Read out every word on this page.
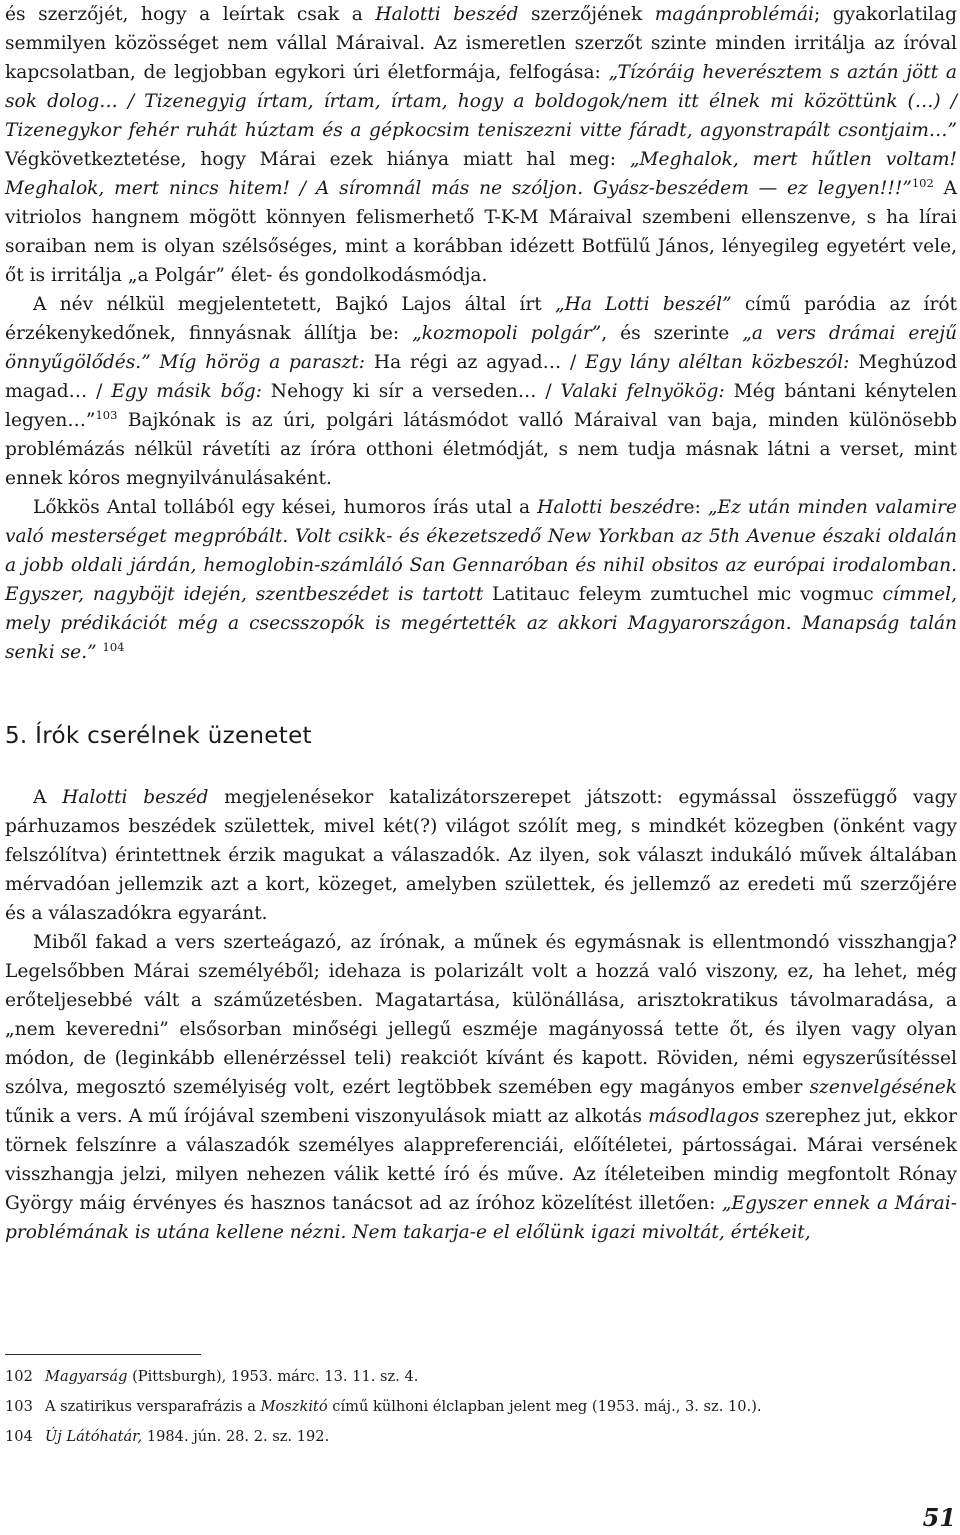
és szerzőjét, hogy a leírtak csak a Halotti beszéd szerzőjének magánproblémái; gyakorlatilag semmilyen közösséget nem vállal Máraival. Az ismeretlen szerzőt szinte minden irritálja az íróval kapcsolatban, de legjobban egykori úri életformája, felfogása: „Tízóráig heverésztem s aztán jött a sok dolog… / Tizenegyig írtam, írtam, írtam, hogy a boldogok/nem itt élnek mi közöttünk (…) / Tizenegykor fehér ruhát húztam és a gépkocsim teniszezni vitte fáradt, agyonstrapált csontjaim…” Végkövetkeztetése, hogy Márai ezek hiánya miatt hal meg: „Meghalok, mert hűtlen voltam! Meghalok, mert nincs hitem! / A síromnál más ne szóljon. Gyász-beszédem — ez legyen!!!”$^{102}$ A vitriolos hangnem mögött könnyen felismerhető T-K-M Máraival szembeni ellenszenve, s ha lírai soraiban nem is olyan szélsőséges, mint a korábban idézett Botfülű János, lényegileg egyetért vele, őt is irritálja „a Polgár” élet- és gondolkodásmódja.

A név nélkül megjelentetett, Bajkó Lajos által írt „Ha Lotti beszél” című paródia az írót érzékenykedőnek, finnyásnak állítja be: „kozmopoli polgár”, és szerinte „a vers drámai erejű önnyűgölődés.” Míg hörög a paraszt: Ha régi az agyad… / Egy lány aléltan közbeszól: Meghúzod magad… / Egy másik bőg: Nehogy ki sír a verseden… / Valaki felnyökög: Még bántani kénytelen legyen…”$^{103}$ Bajkónak is az úri, polgári látásmódot valló Máraival van baja, minden különösebb problémázás nélkül rávetíti az íróra otthoni életmódját, s nem tudja másnak látni a verset, mint ennek kóros megnyilvánulásaként.

Lőkkös Antal tollából egy kései, humoros írás utal a Halotti beszédre: „Ez után minden valamire való mesterséget megpróbált. Volt csikk- és ékezetszedő New Yorkban az 5th Avenue északi oldalán a jobb oldali járdán, hemoglobin-számláló San Gennaróban és nihil obsitos az európai irodalomban. Egyszer, nagyböjt idején, szentbeszédet is tartott Latitauc feleym zumtuchel mic vogmuc címmel, mely prédikációt még a csecsszopók is megértették az akkori Magyarországon. Manapság talán senki se.” $^{104}$

5. Írók cserélnek üzenetet

A Halotti beszéd megjelenésekor katalizátorszerepet játszott: egymással összefüggő vagy párhuzamos beszédek születtek, mivel két(?) világot szólít meg, s mindkét közegben (önként vagy felszólítva) érintettnek érzik magukat a válaszadók. Az ilyen, sok választ indukáló művek általában mérvadóan jellemzik azt a kort, közeget, amelyben születtek, és jellemző az eredeti mű szerzőjére és a válaszadókra egyaránt.

Miből fakad a vers szerteágazó, az írónak, a műnek és egymásnak is ellentmondó visszhangja? Legelsőbben Márai személyéből; idehaza is polarizált volt a hozzá való viszony, ez, ha lehet, még erőteljesebbé vált a száműzetésben. Magatartása, különállása, arisztokratikus távolmaradása, a „nem keveredni” elsősorban minőségi jellegű eszméje magányossá tette őt, és ilyen vagy olyan módon, de (leginkább ellenérzéssel teli) reakciót kívánt és kapott. Röviden, némi egyszerűsítéssel szólva, megosztó személyiség volt, ezért legtöbbek szemében egy magányos ember szenvelgésének tűnik a vers. A mű írójával szembeni viszonyulások miatt az alkotás másodlagos szerephez jut, ekkor törnek felszínre a válaszadók személyes alappreferenciái, előítéletei, pártosságai. Márai versének visszhangja jelzi, milyen nehezen válik ketté író és műve. Az ítéleteiben mindig megfontolt Rónay György máig érvényes és hasznos tanácsot ad az íróhoz közelítést illetően: „Egyszer ennek a Márai-problémának is utána kellene nézni. Nem takarja-e el előlünk igazi mivoltát, értékeit,

102 Magyarság (Pittsburgh), 1953. márc. 13. 11. sz. 4.

103 A szatirikus versparafrázis a Moszkitó című külhoni élclapban jelent meg (1953. máj., 3. sz. 10.).

104 Új Látóhatár, 1984. jún. 28. 2. sz. 192.

51
